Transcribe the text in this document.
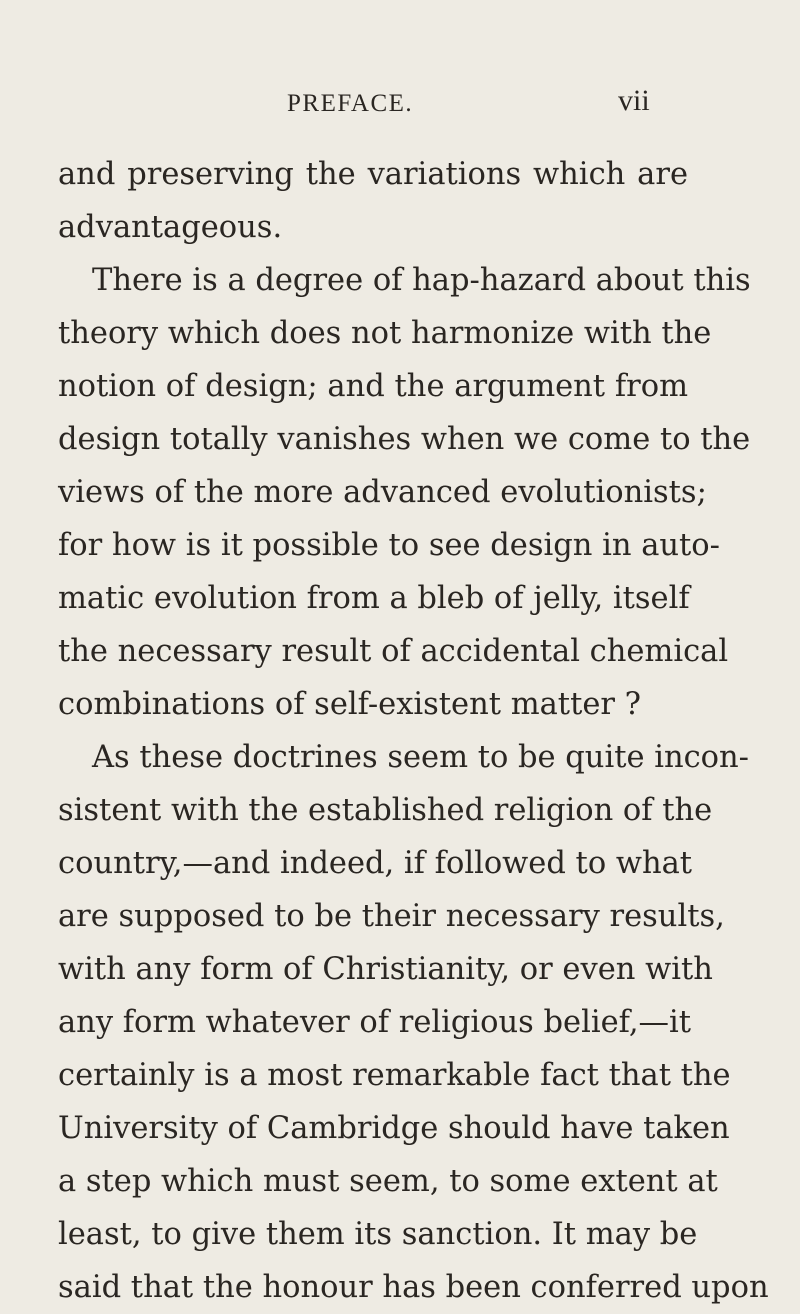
PREFACE.	vii
and preserving the variations which are
advantageous.
There is a degree of hap-hazard about this
theory which does not harmonize with the
notion of design; and the argument from
design totally vanishes when we come to the
views of the more advanced evolutionists;
for how is it possible to see design in auto-
matic evolution from a bleb of jelly, itself
the necessary result of accidental chemical
combinations of self-existent matter ?
As these doctrines seem to be quite incon-
sistent with the established religion of the
country,—and indeed, if followed to what
are supposed to be their necessary results,
with any form of Christianity, or even with
any form whatever of religious belief,—it
certainly is a most remarkable fact that the
University of Cambridge should have taken
a step which must seem, to some extent at
least, to give them its sanction. It may be
said that the honour has been conferred upon
